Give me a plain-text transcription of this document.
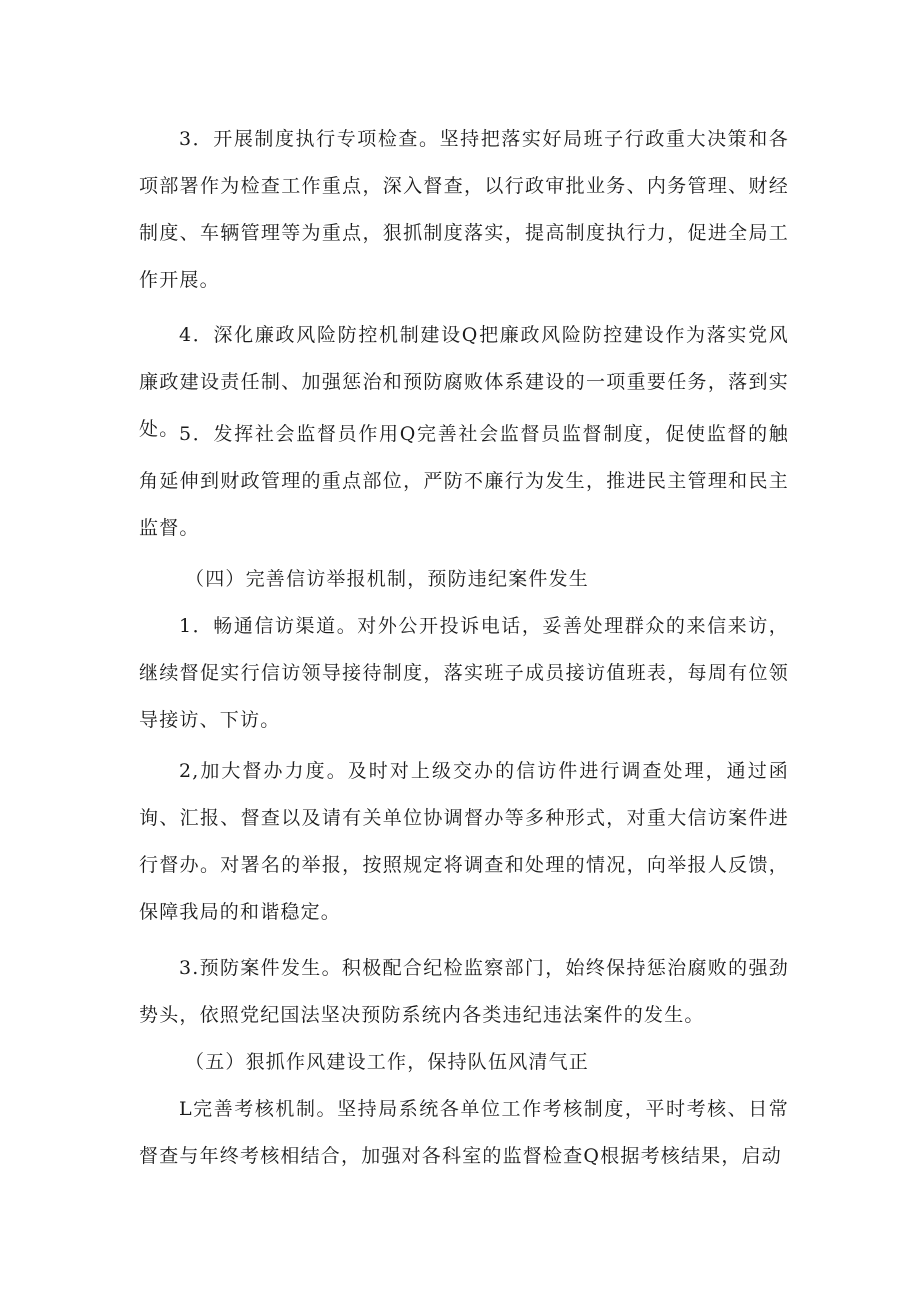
3．开展制度执行专项检查。坚持把落实好局班子行政重大决策和各项部署作为检查工作重点，深入督查，以行政审批业务、内务管理、财经制度、车辆管理等为重点，狠抓制度落实，提高制度执行力，促进全局工作开展。

4．深化廉政风险防控机制建设Q把廉政风险防控建设作为落实党风廉政建设责任制、加强惩治和预防腐败体系建设的一项重要任务，落到实处。 5．发挥社会监督员作用Q完善社会监督员监督制度，促使监督的触角延伸到财政管理的重点部位，严防不廉行为发生，推进民主管理和民主监督。

（四）完善信访举报机制，预防违纪案件发生

1．畅通信访渠道。对外公开投诉电话，妥善处理群众的来信来访，继续督促实行信访领导接待制度，落实班子成员接访值班表，每周有位领导接访、下访。

2,加大督办力度。及时对上级交办的信访件进行调查处理，通过函询、汇报、督查以及请有关单位协调督办等多种形式，对重大信访案件进行督办。对署名的举报，按照规定将调查和处理的情况，向举报人反馈，保障我局的和谐稳定。

3.预防案件发生。积极配合纪检监察部门，始终保持惩治腐败的强劲势头，依照党纪国法坚决预防系统内各类违纪违法案件的发生。

（五）狠抓作风建设工作，保持队伍风清气正

L完善考核机制。坚持局系统各单位工作考核制度，平时考核、日常督查与年终考核相结合，加强对各科室的监督检查Q根据考核结果，启动
